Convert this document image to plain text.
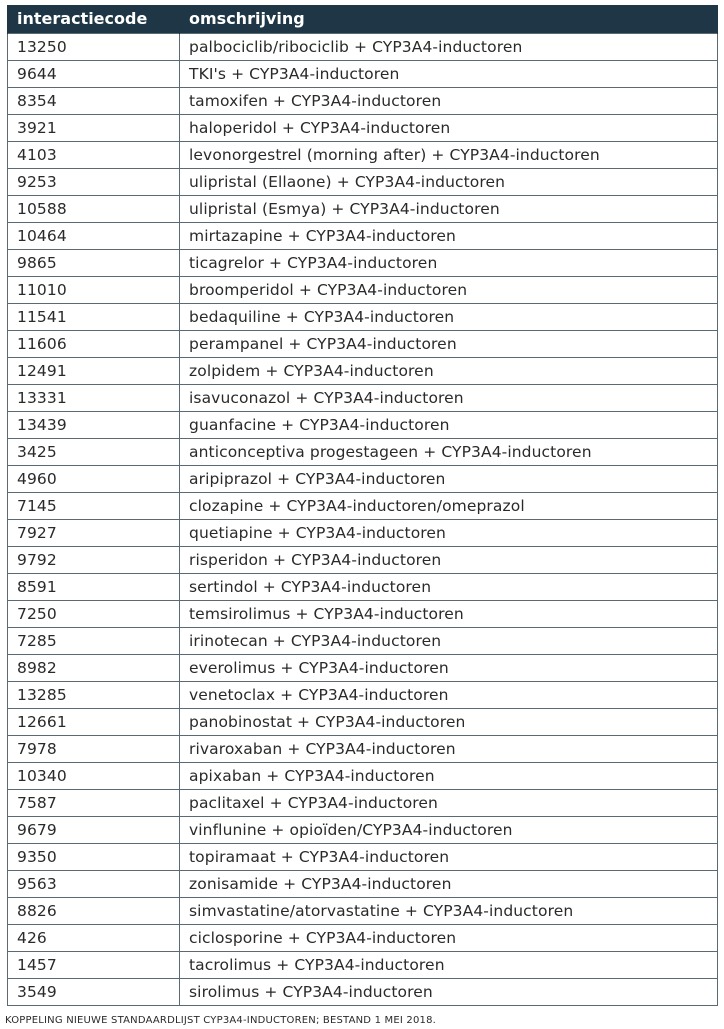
interactiecode	omschrijving
13250	palbociclib/ribociclib + CYP3A4-inductoren
9644	TKI's + CYP3A4-inductoren
8354	tamoxifen + CYP3A4-inductoren
3921	haloperidol + CYP3A4-inductoren
4103	levonorgestrel (morning after) + CYP3A4-inductoren
9253	ulipristal (Ellaone) + CYP3A4-inductoren
10588	ulipristal (Esmya) + CYP3A4-inductoren
10464	mirtazapine + CYP3A4-inductoren
9865	ticagrelor + CYP3A4-inductoren
11010	broomperidol + CYP3A4-inductoren
11541	bedaquiline + CYP3A4-inductoren
11606	perampanel + CYP3A4-inductoren
12491	zolpidem + CYP3A4-inductoren
13331	isavuconazol + CYP3A4-inductoren
13439	guanfacine + CYP3A4-inductoren
3425	anticonceptiva progestageen + CYP3A4-inductoren
4960	aripiprazol + CYP3A4-inductoren
7145	clozapine + CYP3A4-inductoren/omeprazol
7927	quetiapine + CYP3A4-inductoren
9792	risperidon + CYP3A4-inductoren
8591	sertindol + CYP3A4-inductoren
7250	temsirolimus + CYP3A4-inductoren
7285	irinotecan + CYP3A4-inductoren
8982	everolimus + CYP3A4-inductoren
13285	venetoclax + CYP3A4-inductoren
12661	panobinostat + CYP3A4-inductoren
7978	rivaroxaban + CYP3A4-inductoren
10340	apixaban + CYP3A4-inductoren
7587	paclitaxel + CYP3A4-inductoren
9679	vinflunine + opioïden/CYP3A4-inductoren
9350	topiramaat + CYP3A4-inductoren
9563	zonisamide + CYP3A4-inductoren
8826	simvastatine/atorvastatine + CYP3A4-inductoren
426	ciclosporine + CYP3A4-inductoren
1457	tacrolimus + CYP3A4-inductoren
3549	sirolimus + CYP3A4-inductoren
KOPPELING NIEUWE STANDAARDLIJST CYP3A4-INDUCTOREN; BESTAND 1 MEI 2018.
